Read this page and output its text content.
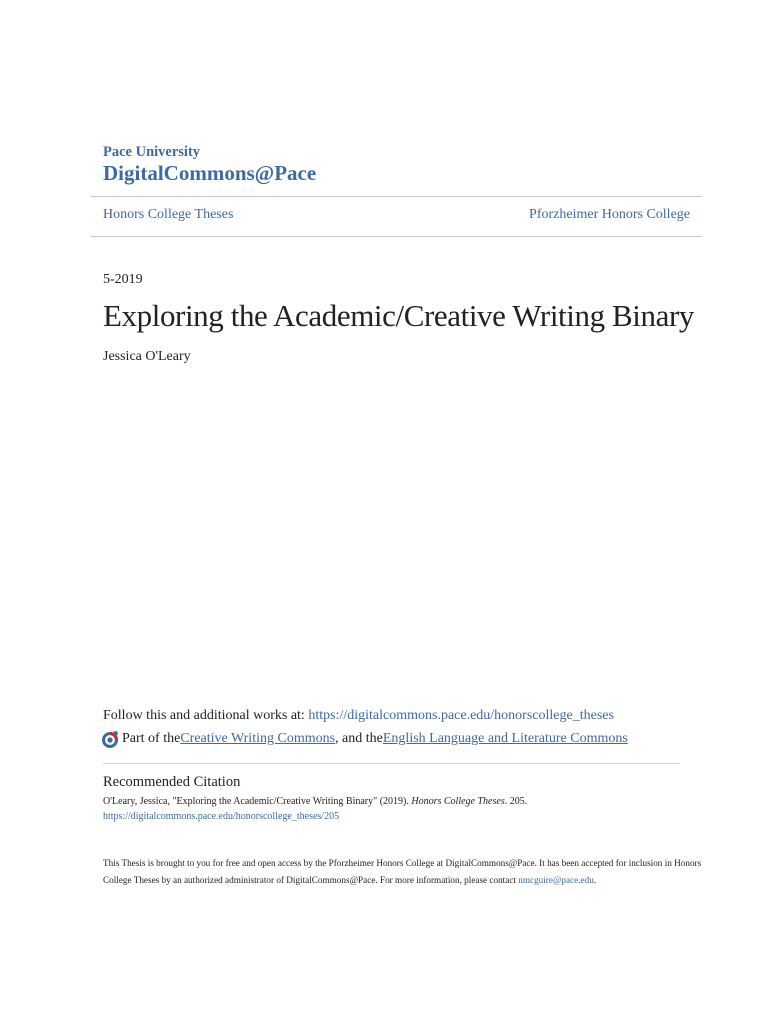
Pace University
DigitalCommons@Pace
Honors College Theses	Pforzheimer Honors College
5-2019
Exploring the Academic/Creative Writing Binary
Jessica O'Leary
Follow this and additional works at: https://digitalcommons.pace.edu/honorscollege_theses
Part of the Creative Writing Commons , and the English Language and Literature Commons
Recommended Citation
O'Leary, Jessica, "Exploring the Academic/Creative Writing Binary" (2019). Honors College Theses. 205.
https://digitalcommons.pace.edu/honorscollege_theses/205
This Thesis is brought to you for free and open access by the Pforzheimer Honors College at DigitalCommons@Pace. It has been accepted for inclusion in Honors College Theses by an authorized administrator of DigitalCommons@Pace. For more information, please contact nmcguire@pace.edu.
